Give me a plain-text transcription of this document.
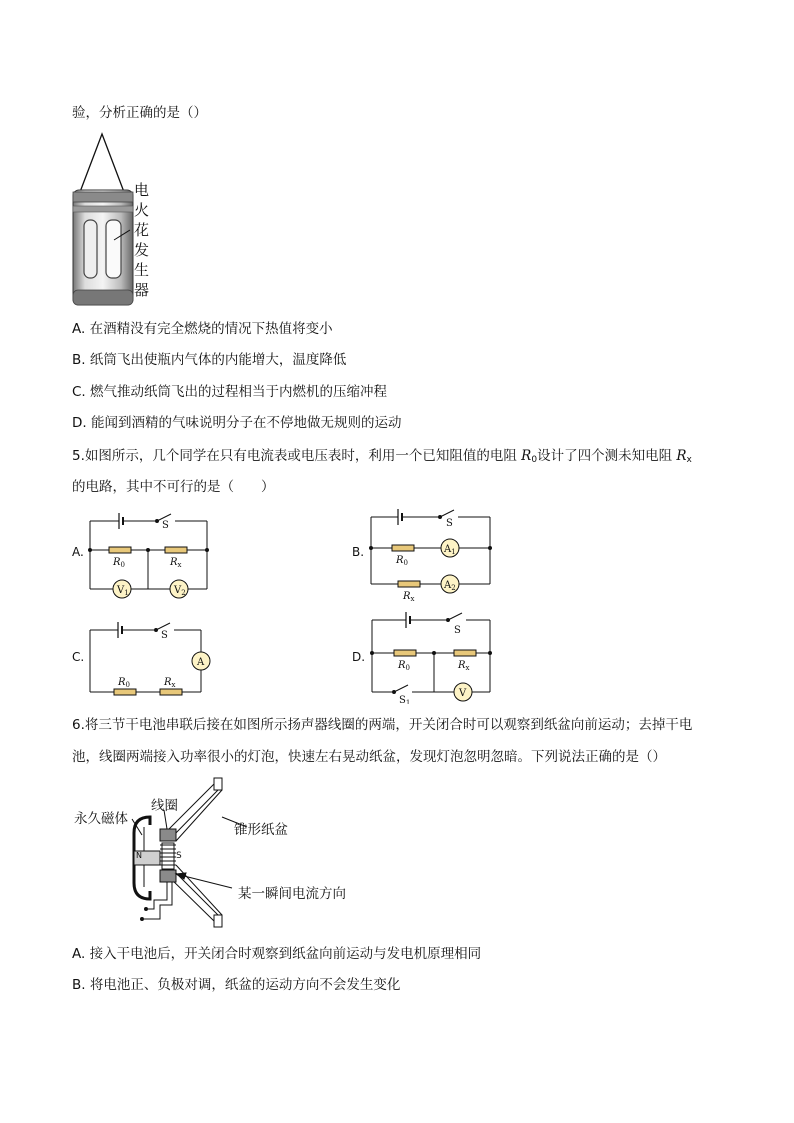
验，分析正确的是（）
电
火
花
发
生
器
A. 在酒精没有完全燃烧的情况下热值将变小
B. 纸筒飞出使瓶内气体的内能增大，温度降低
C. 燃气推动纸筒飞出的过程相当于内燃机的压缩冲程
D. 能闻到酒精的气味说明分子在不停地做无规则的运动
5.如图所示，几个同学在只有电流表或电压表时，利用一个已知阻值的电阻 $R_0$设计了四个测未知电阻 $R_x$
的电路，其中不可行的是（　　）
A.
S
$R_0$	$R_x$
$V_1$	$V_2$
B.
S
$R_0$
$A_1$
$A_2$
$R_x$
C.
S
A
$R_0$	$R_x$
D.
S
$R_0$	$R_x$
$S_1$
V
6.将三节干电池串联后接在如图所示扬声器线圈的两端，开关闭合时可以观察到纸盆向前运动；去掉干电
池，线圈两端接入功率很小的灯泡，快速左右晃动纸盆，发现灯泡忽明忽暗。下列说法正确的是（）
线圈
永久磁体
锥形纸盆
某一瞬间电流方向
N	S
A. 接入干电池后，开关闭合时观察到纸盆向前运动与发电机原理相同
B. 将电池正、负极对调，纸盆的运动方向不会发生变化
